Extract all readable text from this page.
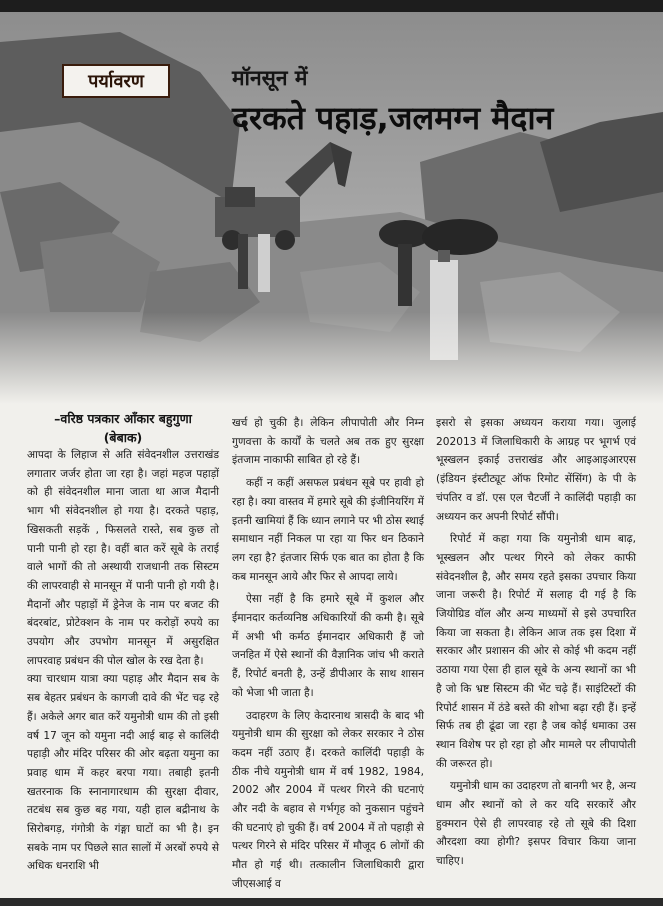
पर्यावरण	मॉनसून में
दरकते पहाड़,जलमग्न मैदान
–वरिष्ठ पत्रकार ऑंकार बहुगुणा
(बेबाक)

आपदा के लिहाज से अति संवेदनशील उत्तराखंड लगातार जर्जर होता जा रहा है। जहां महज पहाड़ों को ही संवेदनशील माना जाता था आज मैदानी भाग भी संवेदनशील हो गया है। दरकते पहाड़, खिसकती सड़कें , फिसलते रास्ते, सब कुछ तो पानी पानी हो रहा है। वहीं बात करें सूबे के तराई वाले भागों की तो अस्थायी राजधानी तक सिस्टम की लापरवाही से मानसून में पानी पानी हो गयी है। मैदानों और पहाड़ों में ड्रेनेज के नाम पर बजट की बंदरबांट, प्रोटेक्शन के नाम पर करोड़ों रुपये का उपयोग और उपभोग मानसून में असुरक्षित लापरवाह प्रबंधन की पोल खोल के रख देता है।

क्या चारधाम यात्रा क्या पहाड़ और मैदान सब के सब बेहतर प्रबंधन के कागजी दावे की भेंट चढ़ रहे हैं। अकेले अगर बात करें यमुनोत्री धाम की तो इसी वर्ष 17 जून को यमुना नदी आई बाढ़ से कालिंदी पहाड़ी और मंदिर परिसर की ओर बढ़ता यमुना का प्रवाह धाम में कहर बरपा गया। तबाही इतनी खतरनाक कि स्नानागारधाम की सुरक्षा दीवार, तटबंध सब कुछ बह गया, यही हाल बद्रीनाथ के सिरोबगड़, गंगोत्री के गंङ्गा घाटों का भी है। इन सबके नाम पर पिछले सात सालों में अरबों रुपये से अधिक धनराशि भी

खर्च हो चुकी है। लेकिन लीपापोती और निम्न गुणवत्ता के कार्यों के चलते अब तक हुए सुरक्षा इंतजाम नाकाफी साबित हो रहे हैं।

कहीं न कहीं असफल प्रबंधन सूबे पर हावी हो रहा है। क्या वास्तव में हमारे सूबे की इंजीनियरिंग में इतनी खामियां हैं कि ध्यान लगाने पर भी ठोस स्थाई समाधान नहीं निकल पा रहा या फिर धन ठिकाने लग रहा है? इंतजार सिर्फ एक बात का होता है कि कब मानसून आये और फिर से आपदा लाये।

ऐसा नहीं है कि हमारे सूबे में कुशल और ईमानदार कर्तव्यनिष्ठ अधिकारियों की कमी है। सूबे में अभी भी कर्मठ ईमानदार अधिकारी हैं जो जनहित में ऐसे स्थानों की वैज्ञानिक जांच भी कराते हैं, रिपोर्ट बनती है, उन्हें डीपीआर के साथ शासन को भेजा भी जाता है।

उदाहरण के लिए केदारनाथ त्रासदी के बाद भी यमुनोत्री धाम की सुरक्षा को लेकर सरकार ने ठोस कदम नहीं उठाए हैं। दरकते कालिंदी पहाड़ी के ठीक नीचे यमुनोत्री धाम में वर्ष 1982, 1984, 2002 और 2004 में पत्थर गिरने की घटनाएं और नदी के बहाव से गर्भगृह को नुकसान पहुंचने की घटनाएं हो चुकी हैं। वर्ष 2004 में तो पहाड़ी से पत्थर गिरने से मंदिर परिसर में मौजूद 6 लोगों की मौत हो गई थी। तत्कालीन जिलाधिकारी द्वारा जीएसआई व

इसरो से इसका अध्ययन कराया गया। जुलाई 202013 में जिलाधिकारी के आग्रह पर भूगर्भ एवं भूस्खलन इकाई उत्तराखंड और आइआइआरएस (इंडियन इंस्टीट्यूट ऑफ रिमोट सेंसिंग) के पी के चंपतिर व डॉ. एस एल चैटर्जी ने कालिंदी पहाड़ी का अध्ययन कर अपनी रिपोर्ट सौंपी।

रिपोर्ट में कहा गया कि यमुनोत्री धाम बाढ़, भूस्खलन और पत्थर गिरने को लेकर काफी संवेदनशील है, और समय रहते इसका उपचार किया जाना जरूरी है। रिपोर्ट में सलाह दी गई है कि जियोग्रिड वॉल और अन्य माध्यमों से इसे उपचारित किया जा सकता है। लेकिन आज तक इस दिशा में सरकार और प्रशासन की ओर से कोई भी कदम नहीं उठाया गया ऐसा ही हाल सूबे के अन्य स्थानों का भी है जो कि भ्रष्ट सिस्टम की भेंट चढ़े हैं। साइंटिस्टों की रिपोर्ट शासन में ठंडे बस्ते की शोभा बढ़ा रही हैं। इन्हें सिर्फ तब ही ढूंढा जा रहा है जब कोई धमाका उस स्थान विशेष पर हो रहा हो और मामले पर लीपापोती की जरूरत हो।

यमुनोत्री धाम का उदाहरण तो बानगी भर है, अन्य धाम और स्थानों को ले कर यदि सरकारें और हुक्मरान ऐसे ही लापरवाह रहे तो सूबे की दिशा औरदशा क्या होगी? इसपर विचार किया जाना चाहिए।
